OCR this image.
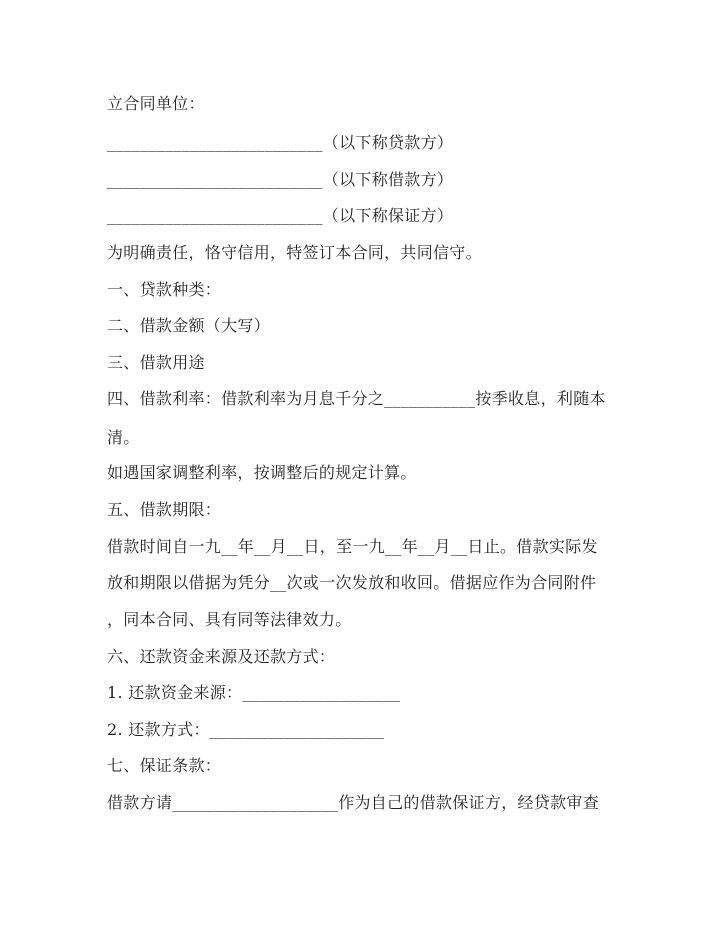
立合同单位：
__________________________（以下称贷款方）
__________________________（以下称借款方）
__________________________（以下称保证方）
为明确责任，恪守信用，特签订本合同，共同信守。
一、贷款种类：
二、借款金额（大写）
三、借款用途
四、借款利率：借款利率为月息千分之___________按季收息，利随本
清。
如遇国家调整利率，按调整后的规定计算。
五、借款期限：
借款时间自一九__年__月__日，至一九__年__月__日止。借款实际发
放和期限以借据为凭分__次或一次发放和收回。借据应作为合同附件
，同本合同、具有同等法律效力。
六、还款资金来源及还款方式：
1. 还款资金来源：___________________
2. 还款方式：_____________________
七、保证条款：
借款方请____________________作为自己的借款保证方，经贷款审查
